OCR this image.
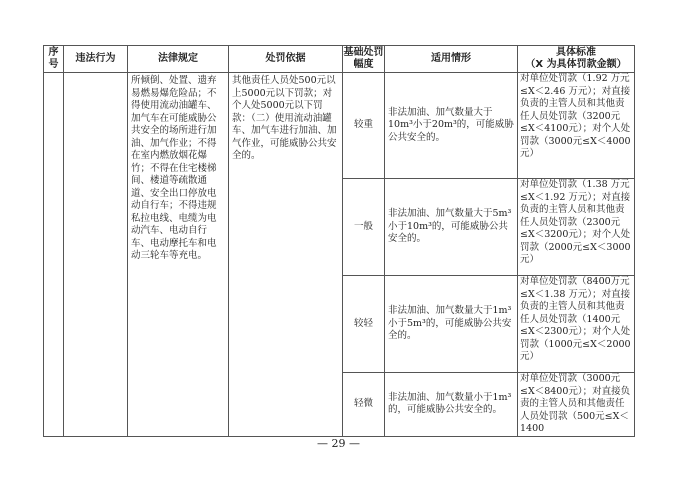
序号	违法行为	法律规定	处罚依据	基础处罚幅度	适用情形	具体标准
（X 为具体罚款金额）

		所倾倒、处置、遗弃易燃易爆危险品；不得使用流动油罐车、加气车在可能威胁公共安全的场所进行加油、加气作业；不得在室内燃放烟花爆竹；不得在住宅楼梯间、楼道等疏散通道、安全出口停放电动自行车；不得违规私拉电线、电缆为电动汽车、电动自行车、电动摩托车和电动三轮车等充电。	其他责任人员处500元以上5000元以下罚款；对个人处5000元以下罚款：（二）使用流动油罐车、加气车进行加油、加气作业，可能威胁公共安全的。	较重	非法加油、加气数量大于10m³小于20m³的，可能威胁公共安全的。	对单位处罚款（1.92 万元≤X＜2.46 万元）；对直接负责的主管人员和其他责任人员处罚款（3200元≤X＜4100元）；对个人处罚款（3000元≤X＜4000元）
				一般	非法加油、加气数量大于5m³小于10m³的，可能威胁公共安全的。	对单位处罚款（1.38 万元≤X＜1.92 万元）；对直接负责的主管人员和其他责任人员处罚款（2300元≤X＜3200元）；对个人处罚款（2000元≤X＜3000元）
				较轻	非法加油、加气数量大于1m³小于5m³的，可能威胁公共安全的。	对单位处罚款（8400万元≤X＜1.38 万元）；对直接负责的主管人员和其他责任人员处罚款（1400元≤X＜2300元）；对个人处罚款（1000元≤X＜2000元）
				轻微	非法加油、加气数量小于1m³的，可能威胁公共安全的。	对单位处罚款（3000元≤X＜8400元）；对直接负责的主管人员和其他责任人员处罚款（500元≤X＜1400
— 29 —
